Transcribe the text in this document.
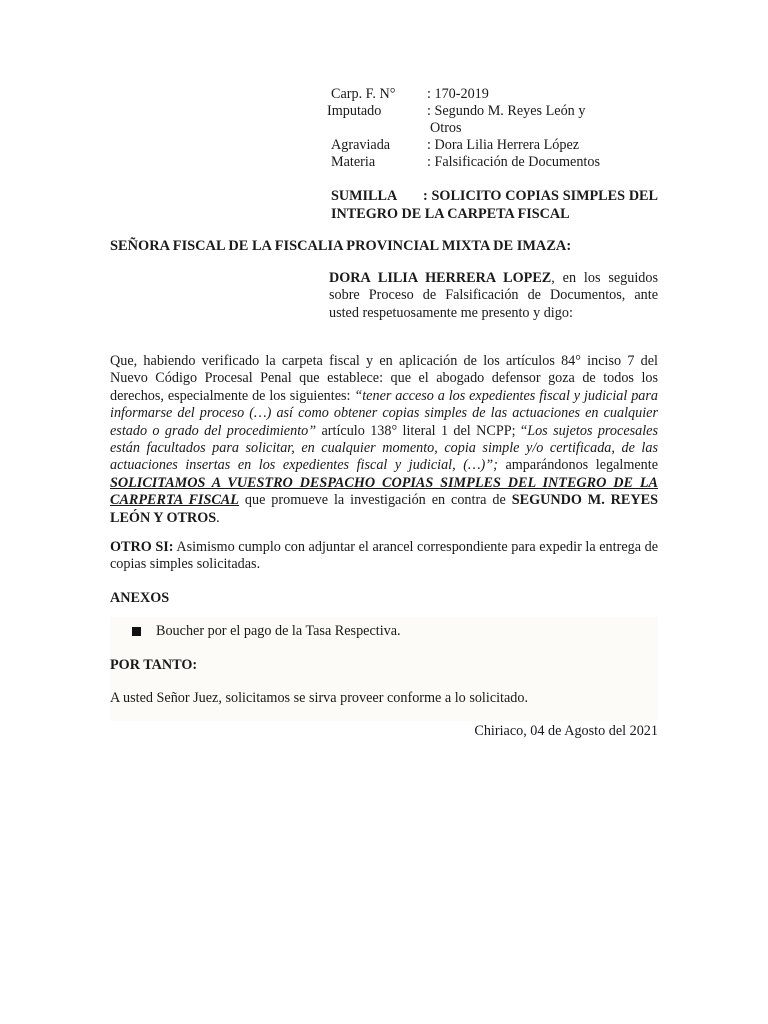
Carp. F. N°	: 170-2019
Imputado	: Segundo M. Reyes León y
Otros
Agraviada	: Dora Lilia Herrera López
Materia	: Falsificación de Documentos
SUMILLA : SOLICITO COPIAS SIMPLES DEL INTEGRO DE LA CARPETA FISCAL
SEÑORA FISCAL DE LA FISCALIA PROVINCIAL MIXTA DE IMAZA:
DORA LILIA HERRERA LOPEZ, en los seguidos sobre Proceso de Falsificación de Documentos, ante usted respetuosamente me presento y digo:
Que, habiendo verificado la carpeta fiscal y en aplicación de los artículos 84° inciso 7 del Nuevo Código Procesal Penal que establece: que el abogado defensor goza de todos los derechos, especialmente de los siguientes: “tener acceso a los expedientes fiscal y judicial para informarse del proceso (…) así como obtener copias simples de las actuaciones en cualquier estado o grado del procedimiento” artículo 138° literal 1 del NCPP; “Los sujetos procesales están facultados para solicitar, en cualquier momento, copia simple y/o certificada, de las actuaciones insertas en los expedientes fiscal y judicial, (…)”; amparándonos legalmente SOLICITAMOS A VUESTRO DESPACHO COPIAS SIMPLES DEL INTEGRO DE LA CARPERTA FISCAL que promueve la investigación en contra de SEGUNDO M. REYES LEÓN Y OTROS.
OTRO SI: Asimismo cumplo con adjuntar el arancel correspondiente para expedir la entrega de copias simples solicitadas.
ANEXOS
Boucher por el pago de la Tasa Respectiva.
POR TANTO:
A usted Señor Juez, solicitamos se sirva proveer conforme a lo solicitado.
Chiriaco, 04 de Agosto del 2021
